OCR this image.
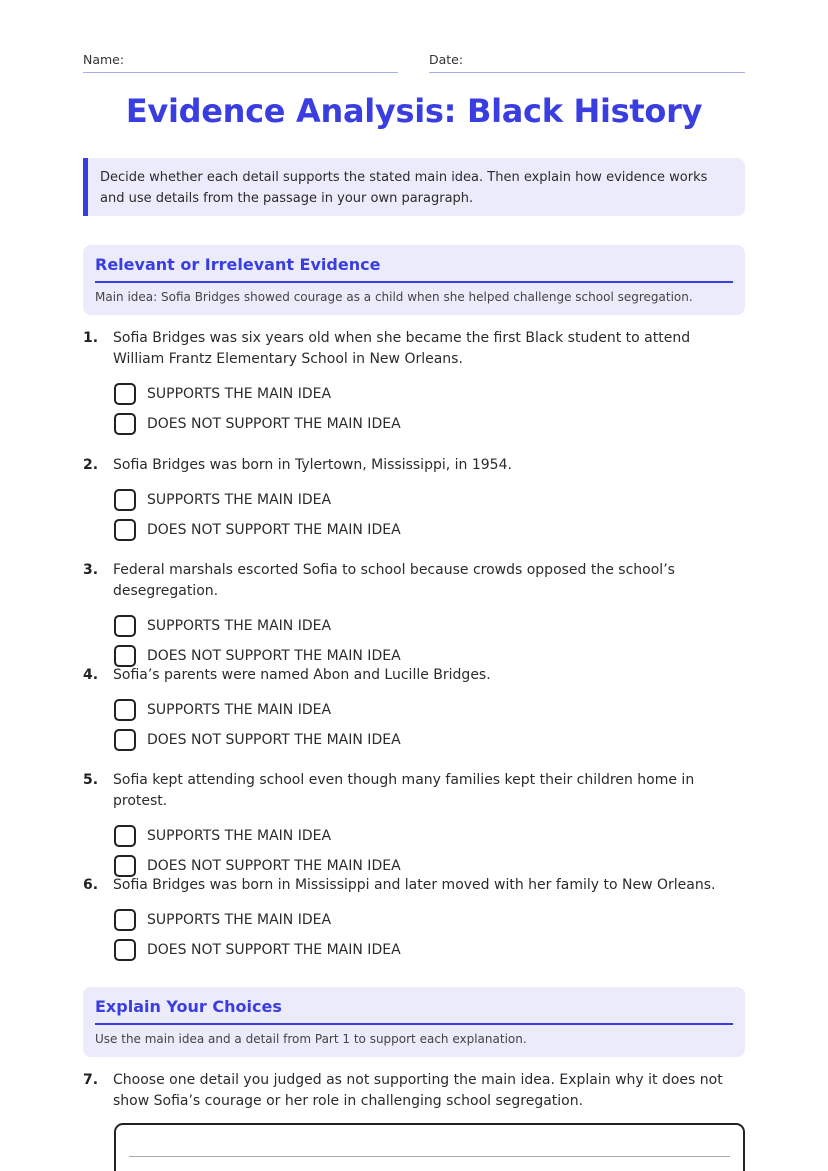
Name:	Date:
Evidence Analysis: Black History
Decide whether each detail supports the stated main idea. Then explain how evidence works and use details from the passage in your own paragraph.
Relevant or Irrelevant Evidence
Main idea: Sofia Bridges showed courage as a child when she helped challenge school segregation.
1.	Sofia Bridges was six years old when she became the first Black student to attend William Frantz Elementary School in New Orleans.
SUPPORTS THE MAIN IDEA
DOES NOT SUPPORT THE MAIN IDEA
2.	Sofia Bridges was born in Tylertown, Mississippi, in 1954.
SUPPORTS THE MAIN IDEA
DOES NOT SUPPORT THE MAIN IDEA
3.	Federal marshals escorted Sofia to school because crowds opposed the school’s desegregation.
SUPPORTS THE MAIN IDEA
DOES NOT SUPPORT THE MAIN IDEA
4.	Sofia’s parents were named Abon and Lucille Bridges.
SUPPORTS THE MAIN IDEA
DOES NOT SUPPORT THE MAIN IDEA
5.	Sofia kept attending school even though many families kept their children home in protest.
SUPPORTS THE MAIN IDEA
DOES NOT SUPPORT THE MAIN IDEA
6.	Sofia Bridges was born in Mississippi and later moved with her family to New Orleans.
SUPPORTS THE MAIN IDEA
DOES NOT SUPPORT THE MAIN IDEA
Explain Your Choices
Use the main idea and a detail from Part 1 to support each explanation.
7.	Choose one detail you judged as not supporting the main idea. Explain why it does not show Sofia’s courage or her role in challenging school segregation.
